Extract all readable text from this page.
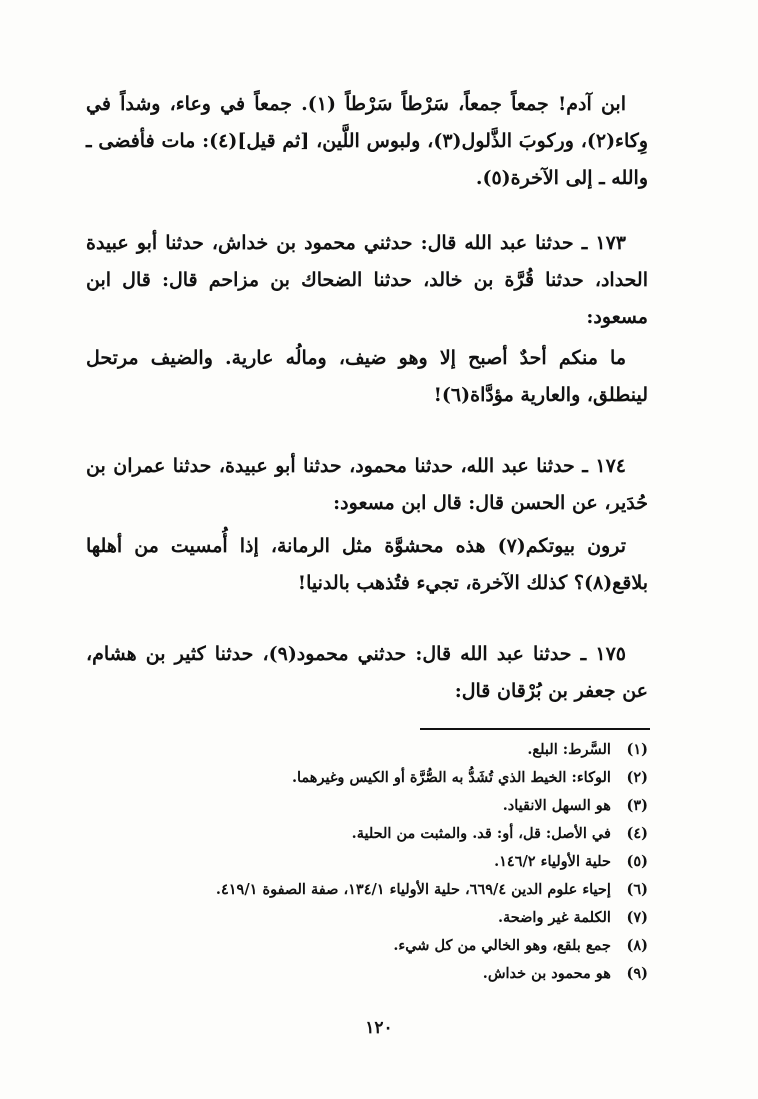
ابن آدم! جمعاً جمعاً، سَرْطاً سَرْطاً (١). جمعاً في وعاء، وشداً في وِكاء(٢)، وركوبَ الذَّلول(٣)، ولبوس اللَّين، [ثم قيل](٤): مات فأفضى ـ والله ـ إلى الآخرة(٥).

١٧٣ ـ حدثنا عبد الله قال: حدثني محمود بن خداش، حدثنا أبو عبيدة الحداد، حدثنا قُرَّة بن خالد، حدثنا الضحاك بن مزاحم قال: قال ابن مسعود:

ما منكم أحدٌ أصبح إلا وهو ضيف، ومالُه عارية. والضيف مرتحل لينطلق، والعارية مؤدَّاة(٦)!

١٧٤ ـ حدثنا عبد الله، حدثنا محمود، حدثنا أبو عبيدة، حدثنا عمران بن حُدَير، عن الحسن قال: قال ابن مسعود:

ترون بيوتكم(٧) هذه محشوَّة مثل الرمانة، إذا أُمسيت من أهلها بلاقع(٨)؟ كذلك الآخرة، تجيء فتُذهب بالدنيا!

١٧٥ ـ حدثنا عبد الله قال: حدثني محمود(٩)، حدثنا كثير بن هشام، عن جعفر بن بُرْقان قال:

(١) السَّرط: البلع.
(٢) الوكاء: الخيط الذي تُشَدُّ به الصُّرَّة أو الكيس وغيرهما.
(٣) هو السهل الانقياد.
(٤) في الأصل: قل، أو: قد. والمثبت من الحلية.
(٥) حلية الأولياء ١٤٦/٢.
(٦) إحياء علوم الدين ٦٦٩/٤، حلية الأولياء ١٣٤/١، صفة الصفوة ٤١٩/١.
(٧) الكلمة غير واضحة.
(٨) جمع بلقع، وهو الخالي من كل شيء.
(٩) هو محمود بن خداش.
١٢٠
